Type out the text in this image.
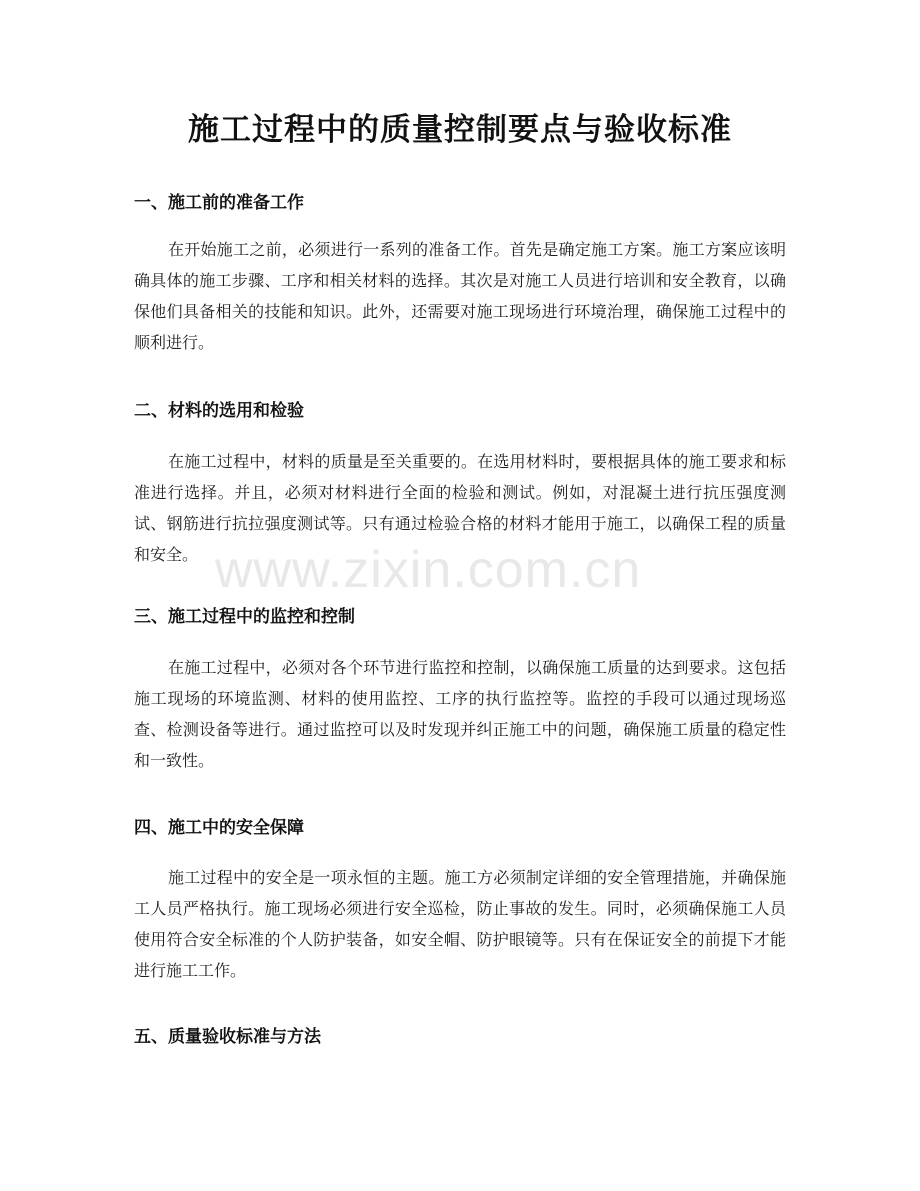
施工过程中的质量控制要点与验收标准
一、施工前的准备工作

在开始施工之前，必须进行一系列的准备工作。首先是确定施工方案。施工方案应该明确具体的施工步骤、工序和相关材料的选择。其次是对施工人员进行培训和安全教育，以确保他们具备相关的技能和知识。此外，还需要对施工现场进行环境治理，确保施工过程中的顺利进行。

二、材料的选用和检验

在施工过程中，材料的质量是至关重要的。在选用材料时，要根据具体的施工要求和标准进行选择。并且，必须对材料进行全面的检验和测试。例如，对混凝土进行抗压强度测试、钢筋进行抗拉强度测试等。只有通过检验合格的材料才能用于施工，以确保工程的质量和安全。

三、施工过程中的监控和控制

在施工过程中，必须对各个环节进行监控和控制，以确保施工质量的达到要求。这包括施工现场的环境监测、材料的使用监控、工序的执行监控等。监控的手段可以通过现场巡查、检测设备等进行。通过监控可以及时发现并纠正施工中的问题，确保施工质量的稳定性和一致性。

四、施工中的安全保障

施工过程中的安全是一项永恒的主题。施工方必须制定详细的安全管理措施，并确保施工人员严格执行。施工现场必须进行安全巡检，防止事故的发生。同时，必须确保施工人员使用符合安全标准的个人防护装备，如安全帽、防护眼镜等。只有在保证安全的前提下才能进行施工工作。

五、质量验收标准与方法
www.zixin.com.cn
